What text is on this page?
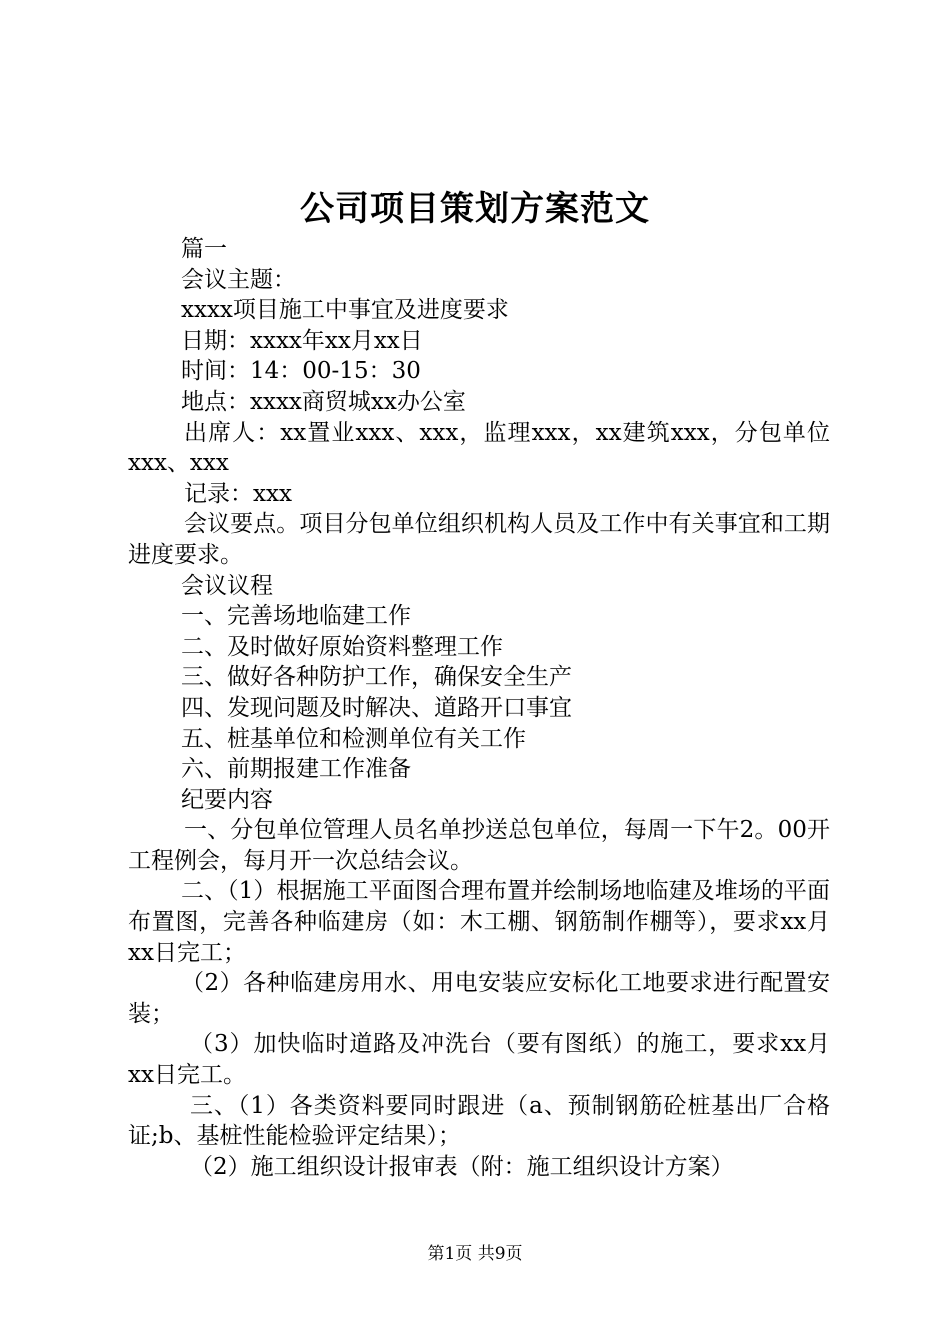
公司项目策划方案范文

篇一

会议主题：

xxxx项目施工中事宜及进度要求

日期：xxxx年xx月xx日

时间：14：00-15：30

地点：xxxx商贸城xx办公室

出席人：xx置业xxx、xxx，监理xxx，xx建筑xxx，分包单位xxx、xxx

记录：xxx

会议要点。项目分包单位组织机构人员及工作中有关事宜和工期进度要求。

会议议程

一、完善场地临建工作

二、及时做好原始资料整理工作

三、做好各种防护工作，确保安全生产

四、发现问题及时解决、道路开口事宜

五、桩基单位和检测单位有关工作

六、前期报建工作准备

纪要内容

一、分包单位管理人员名单抄送总包单位，每周一下午2。00开工程例会，每月开一次总结会议。

二、（1）根据施工平面图合理布置并绘制场地临建及堆场的平面布置图，完善各种临建房（如：木工棚、钢筋制作棚等），要求xx月xx日完工；

（2）各种临建房用水、用电安装应安标化工地要求进行配置安装；

（3）加快临时道路及冲洗台（要有图纸）的施工，要求xx月xx日完工。

三、（1）各类资料要同时跟进（a、预制钢筋砼桩基出厂合格证;b、基桩性能检验评定结果）；

（2）施工组织设计报审表（附：施工组织设计方案）

第1页 共9页
